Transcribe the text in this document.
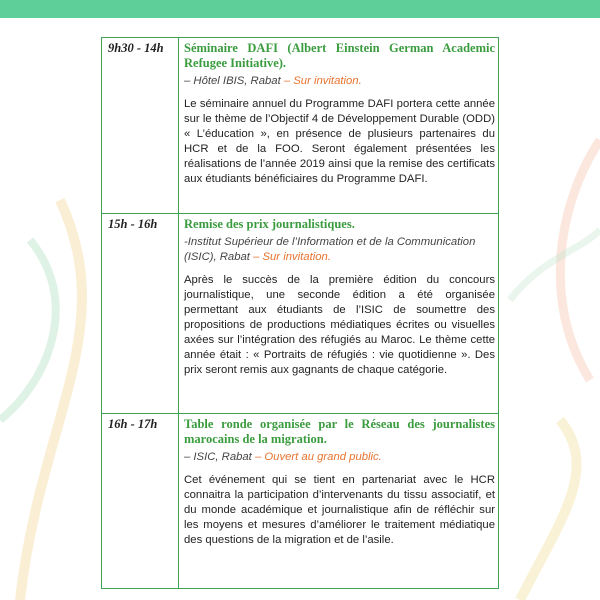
9h30 - 14h	Séminaire DAFI (Albert Einstein German Academic Refugee Initiative).
– Hôtel IBIS, Rabat – Sur invitation.
Le séminaire annuel du Programme DAFI portera cette année sur le thème de l’Objectif 4 de Développement Durable (ODD) « L’éducation », en présence de plusieurs partenaires du HCR et de la FOO. Seront également présentées les réalisations de l’année 2019 ainsi que la remise des certificats aux étudiants bénéficiaires du Programme DAFI.

15h - 16h	Remise des prix journalistiques.
-Institut Supérieur de l’Information et de la Communication (ISIC), Rabat – Sur invitation.
Après le succès de la première édition du concours journalistique, une seconde édition a été organisée permettant aux étudiants de l’ISIC de soumettre des propositions de productions médiatiques écrites ou visuelles axées sur l’intégration des réfugiés au Maroc. Le thème cette année était : « Portraits de réfugiés : vie quotidienne ». Des prix seront remis aux gagnants de chaque catégorie.

16h - 17h	Table ronde organisée par le Réseau des journalistes marocains de la migration.
– ISIC, Rabat – Ouvert au grand public.
Cet événement qui se tient en partenariat avec le HCR connaitra la participation d’intervenants du tissu associatif, et du monde académique et journalistique afin de réfléchir sur les moyens et mesures d’améliorer le traitement médiatique des questions de la migration et de l’asile.
